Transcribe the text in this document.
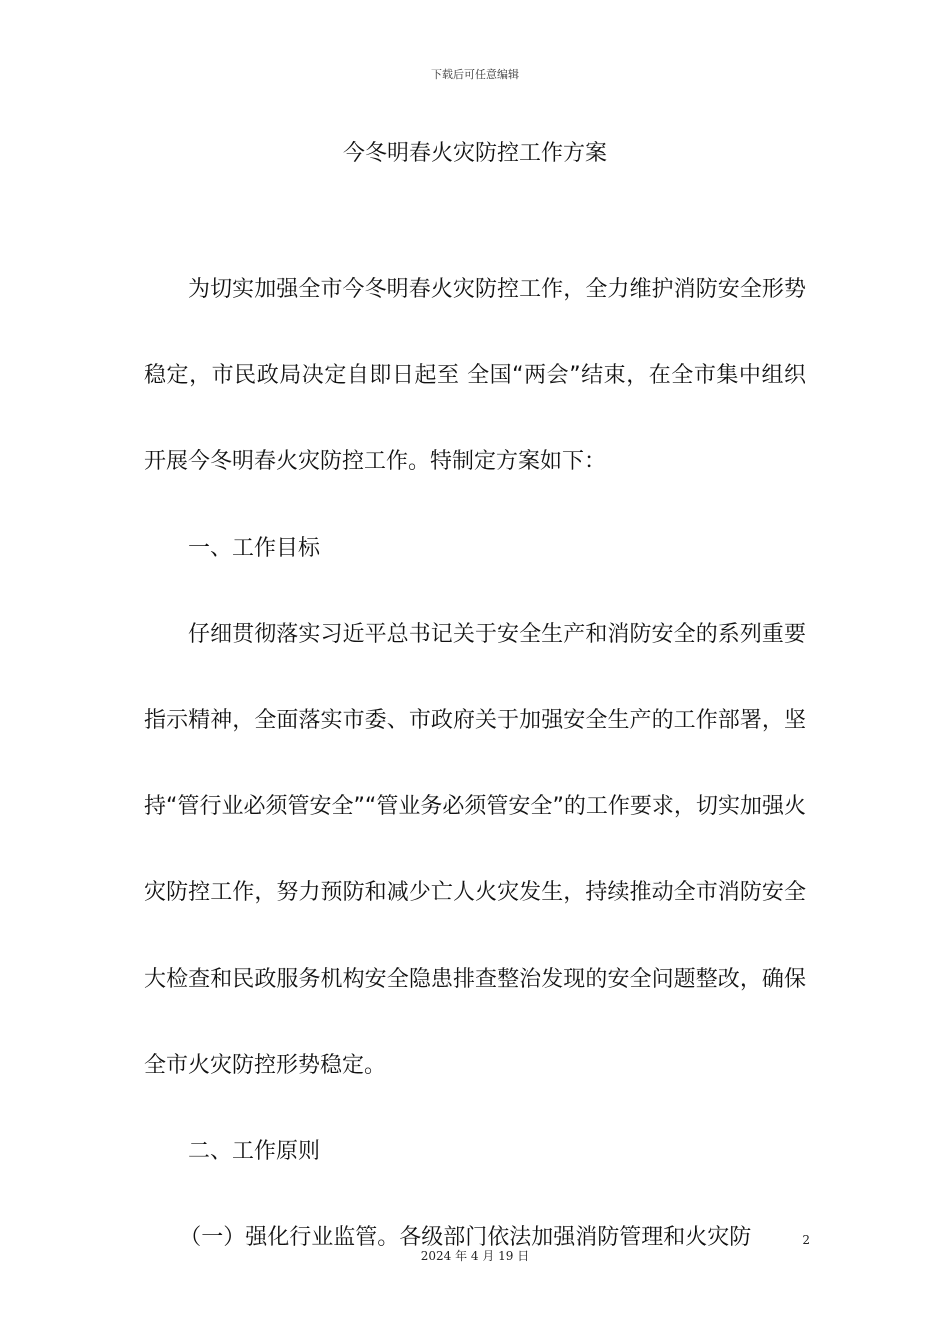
下载后可任意编辑
今冬明春火灾防控工作方案

为切实加强全市今冬明春火灾防控工作，全力维护消防安全形势稳定，市民政局决定自即日起至 全国“两会”结束，在全市集中组织开展今冬明春火灾防控工作。特制定方案如下：

一、工作目标

仔细贯彻落实习近平总书记关于安全生产和消防安全的系列重要指示精神，全面落实市委、市政府关于加强安全生产的工作部署，坚持“管行业必须管安全”“管业务必须管安全”的工作要求，切实加强火灾防控工作，努力预防和减少亡人火灾发生，持续推动全市消防安全大检查和民政服务机构安全隐患排查整治发现的安全问题整改，确保全市火灾防控形势稳定。

二、工作原则

（一）强化行业监管。各级部门依法加强消防管理和火灾防	2
2024 年 4 月 19 日
